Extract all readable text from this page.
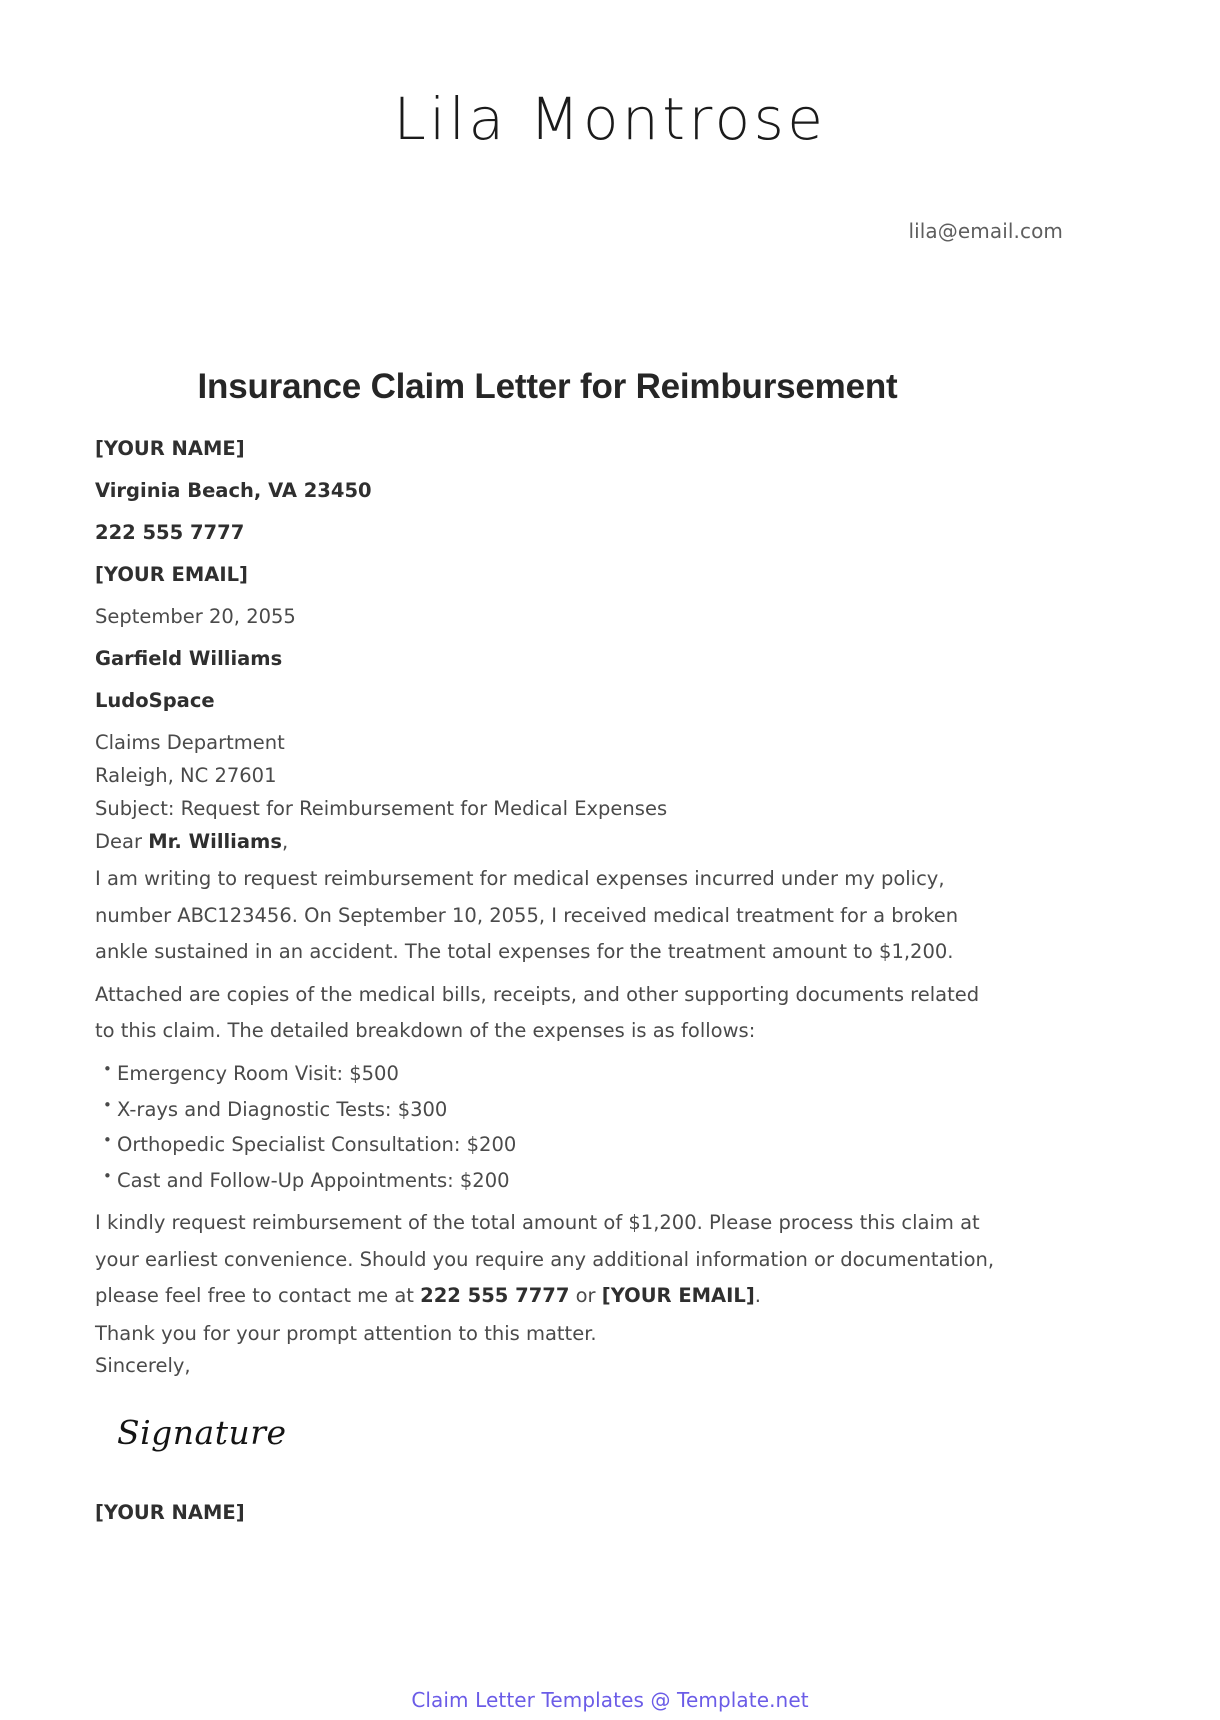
Lila Montrose
lila@email.com
Insurance Claim Letter for Reimbursement

[YOUR NAME]

Virginia Beach, VA 23450

222 555 7777

[YOUR EMAIL]

September 20, 2055

Garfield Williams

LudoSpace

Claims Department

Raleigh, NC 27601

Subject: Request for Reimbursement for Medical Expenses

Dear Mr. Williams,

I am writing to request reimbursement for medical expenses incurred under my policy, number ABC123456. On September 10, 2055, I received medical treatment for a broken ankle sustained in an accident. The total expenses for the treatment amount to $1,200.

Attached are copies of the medical bills, receipts, and other supporting documents related to this claim. The detailed breakdown of the expenses is as follows:

• Emergency Room Visit: $500
• X-rays and Diagnostic Tests: $300
• Orthopedic Specialist Consultation: $200
• Cast and Follow-Up Appointments: $200

I kindly request reimbursement of the total amount of $1,200. Please process this claim at your earliest convenience. Should you require any additional information or documentation, please feel free to contact me at 222 555 7777 or [YOUR EMAIL].

Thank you for your prompt attention to this matter.

Sincerely,

Signature
[YOUR NAME]
Claim Letter Templates @ Template.net
